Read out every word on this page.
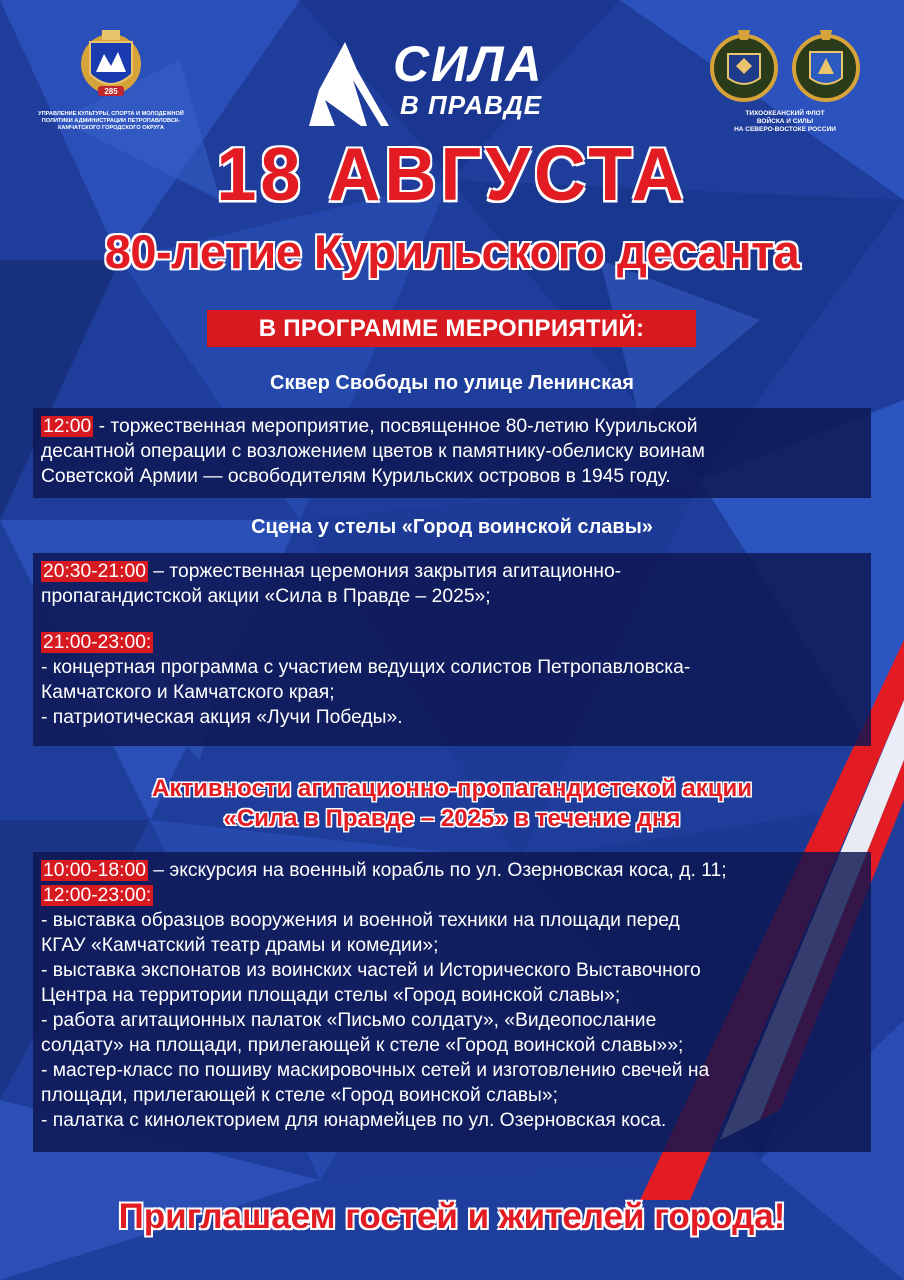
285
УПРАВЛЕНИЕ КУЛЬТУРЫ, СПОРТА И МОЛОДЕЖНОЙ ПОЛИТИКИ АДМИНИСТРАЦИИ ПЕТРОПАВЛОВСК-КАМЧАТСКОГО ГОРОДСКОГО ОКРУГА
СИЛА
В ПРАВДЕ	ТИХООКЕАНСКИЙ ФЛОТ
ВОЙСКА И СИЛЫ
НА СЕВЕРО-ВОСТОКЕ РОССИИ
18 АВГУСТА
80-летие Курильского десанта
В ПРОГРАММЕ МЕРОПРИЯТИЙ:
Сквер Свободы по улице Ленинская
12:00 - торжественная мероприятие, посвященное 80-летию Курильской
десантной операции с возложением цветов к памятнику-обелиску воинам
Советской Армии — освободителям Курильских островов в 1945 году.
Сцена у стелы «Город воинской славы»
20:30-21:00 – торжественная церемония закрытия агитационно-
пропагандистской акции «Сила в Правде – 2025»;
21:00-23:00:
- концертная программа с участием ведущих солистов Петропавловска-
Камчатского и Камчатского края;
- патриотическая акция «Лучи Победы».
Активности агитационно-пропагандистской акции
«Сила в Правде – 2025» в течение дня
10:00-18:00 – экскурсия на военный корабль по ул. Озерновская коса, д. 11;
12:00-23:00:
- выставка образцов вооружения и военной техники на площади перед
КГАУ «Камчатский театр драмы и комедии»;
- выставка экспонатов из воинских частей и Исторического Выставочного
Центра на территории площади стелы «Город воинской славы»;
- работа агитационных палаток «Письмо солдату», «Видеопослание
солдату» на площади, прилегающей к стеле «Город воинской славы»»;
- мастер-класс по пошиву маскировочных сетей и изготовлению свечей на
площади, прилегающей к стеле «Город воинской славы»;
- палатка с кинолекторием для юнармейцев по ул. Озерновская коса.
Приглашаем гостей и жителей города!
